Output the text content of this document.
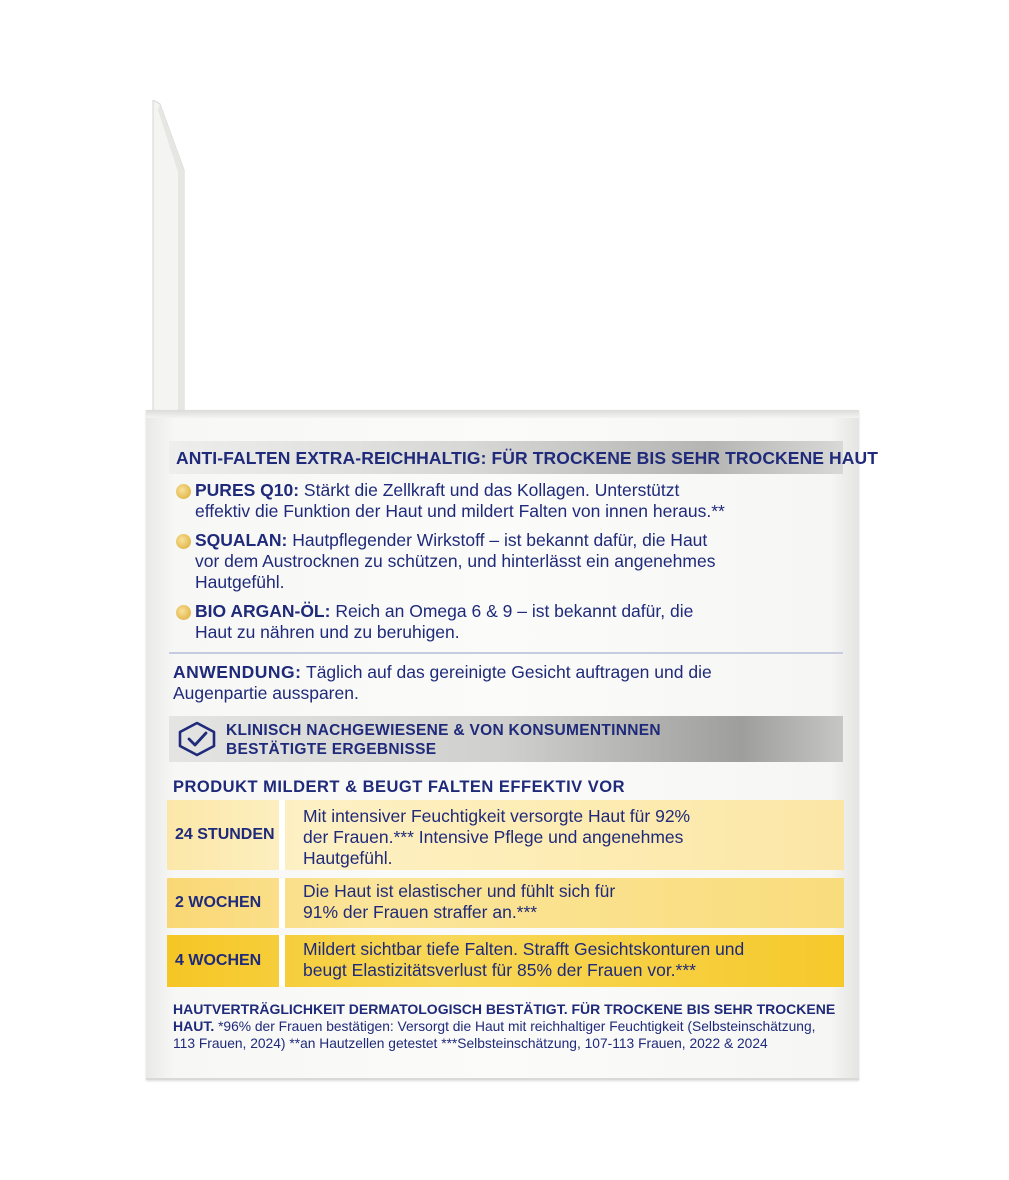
ANTI-FALTEN EXTRA-REICHHALTIG: FÜR TROCKENE BIS SEHR TROCKENE HAUT
PURES Q10: Stärkt die Zellkraft und das Kollagen. Unterstützt
effektiv die Funktion der Haut und mildert Falten von innen heraus.**
SQUALAN: Hautpflegender Wirkstoff – ist bekannt dafür, die Haut
vor dem Austrocknen zu schützen, und hinterlässt ein angenehmes
Hautgefühl.
BIO ARGAN-ÖL: Reich an Omega 6 & 9 – ist bekannt dafür, die
Haut zu nähren und zu beruhigen.
ANWENDUNG: Täglich auf das gereinigte Gesicht auftragen und die
Augenpartie aussparen.
KLINISCH NACHGEWIESENE & VON KONSUMENTINNEN
BESTÄTIGTE ERGEBNISSE
PRODUKT MILDERT & BEUGT FALTEN EFFEKTIV VOR
24 STUNDEN
Mit intensiver Feuchtigkeit versorgte Haut für 92%
der Frauen.*** Intensive Pflege und angenehmes
Hautgefühl.
2 WOCHEN
Die Haut ist elastischer und fühlt sich für
91% der Frauen straffer an.***
4 WOCHEN
Mildert sichtbar tiefe Falten. Strafft Gesichtskonturen und
beugt Elastizitätsverlust für 85% der Frauen vor.***
HAUTVERTRÄGLICHKEIT DERMATOLOGISCH BESTÄTIGT. FÜR TROCKENE BIS SEHR TROCKENE
HAUT. *96% der Frauen bestätigen: Versorgt die Haut mit reichhaltiger Feuchtigkeit (Selbsteinschätzung,
113 Frauen, 2024) **an Hautzellen getestet ***Selbsteinschätzung, 107-113 Frauen, 2022 & 2024
